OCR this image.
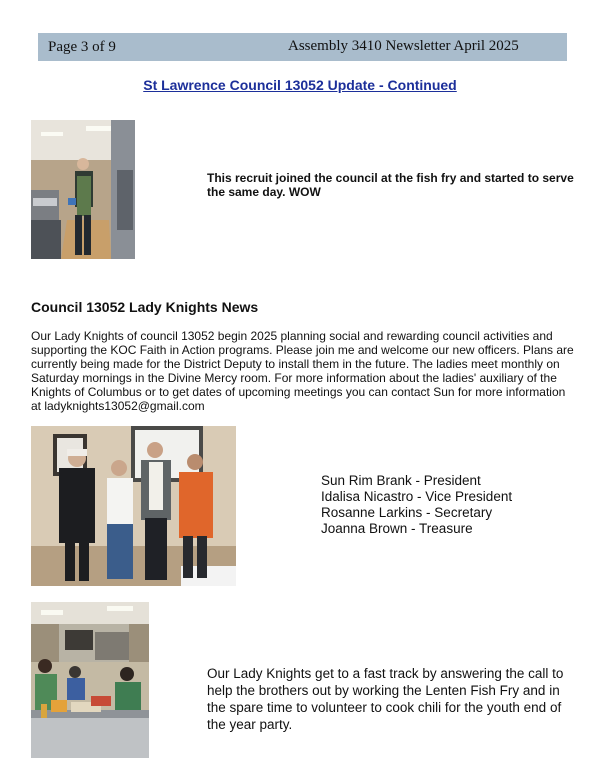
Page 3 of 9	Assembly 3410 Newsletter April 2025
St Lawrence Council 13052 Update - Continued
This recruit joined the council at the fish fry and started to serve the same day. WOW
Council 13052 Lady Knights News
Our Lady Knights of council 13052 begin 2025 planning social and rewarding council activities and supporting the KOC Faith in Action programs. Please join me and welcome our new officers. Plans are currently being made for the District Deputy to install them in the future. The ladies meet monthly on Saturday mornings in the Divine Mercy room. For more information about the ladies' auxiliary of the Knights of Columbus or to get dates of upcoming meetings you can contact Sun for more information at ladyknights13052@gmail.com
Sun Rim Brank - President
Idalisa Nicastro - Vice President
Rosanne Larkins - Secretary
Joanna Brown - Treasure
Our Lady Knights get to a fast track by answering the call to help the brothers out by working the Lenten Fish Fry and in the spare time to volunteer to cook chili for the youth end of the year party.
